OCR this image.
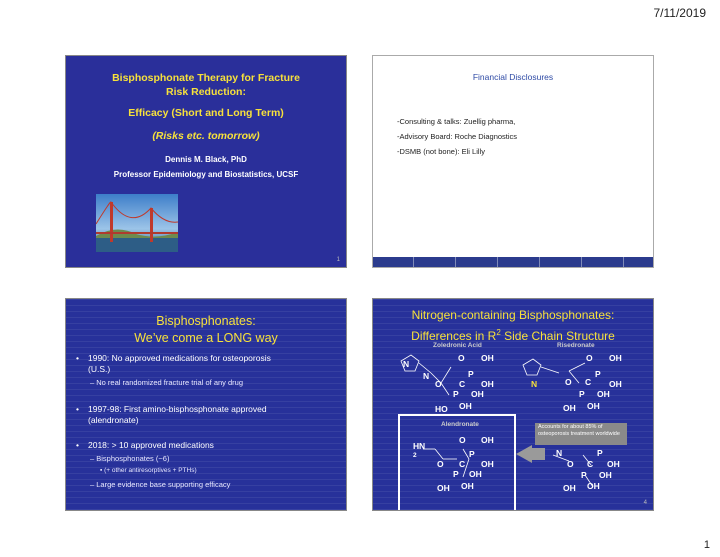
7/11/2019
Bisphosphonate Therapy for Fracture
Risk Reduction:
Efficacy (Short and Long Term)
(Risks etc. tomorrow)
Dennis M. Black, PhD
Professor Epidemiology and Biostatistics, UCSF
1
Financial Disclosures
-Consulting & talks: Zuellig pharma,
-Advisory Board: Roche Diagnostics
-DSMB (not bone): Eli Lilly
Bisphosphonates:
We’ve come a LONG way
• 1990: No approved medications for osteoporosis
(U.S.)
– No real randomized fracture trial of any drug
• 1997-98: First amino-bisphosphonate approved
(alendronate)
• 2018: > 10 approved medications
– Bisphosphonates (~6)
▪ (+ other antiresorptives + PTHs)
– Large evidence base supporting efficacy
Nitrogen-containing Bisphosphonates:
Differences in $R^2$ Side Chain Structure
Zoledronic Acid	Risedronate
Alendronate
N
N
O OH
P
O C OH
P OH
HO OH
O OH
P
N	O C OH
P OH
OH OH
H
2
N
O OH
P
O C OH
P OH
OH OH
N	P
O C OH
P OH
OH OH
Accounts for about 85% of osteoporosis treatment worldwide
4
1
